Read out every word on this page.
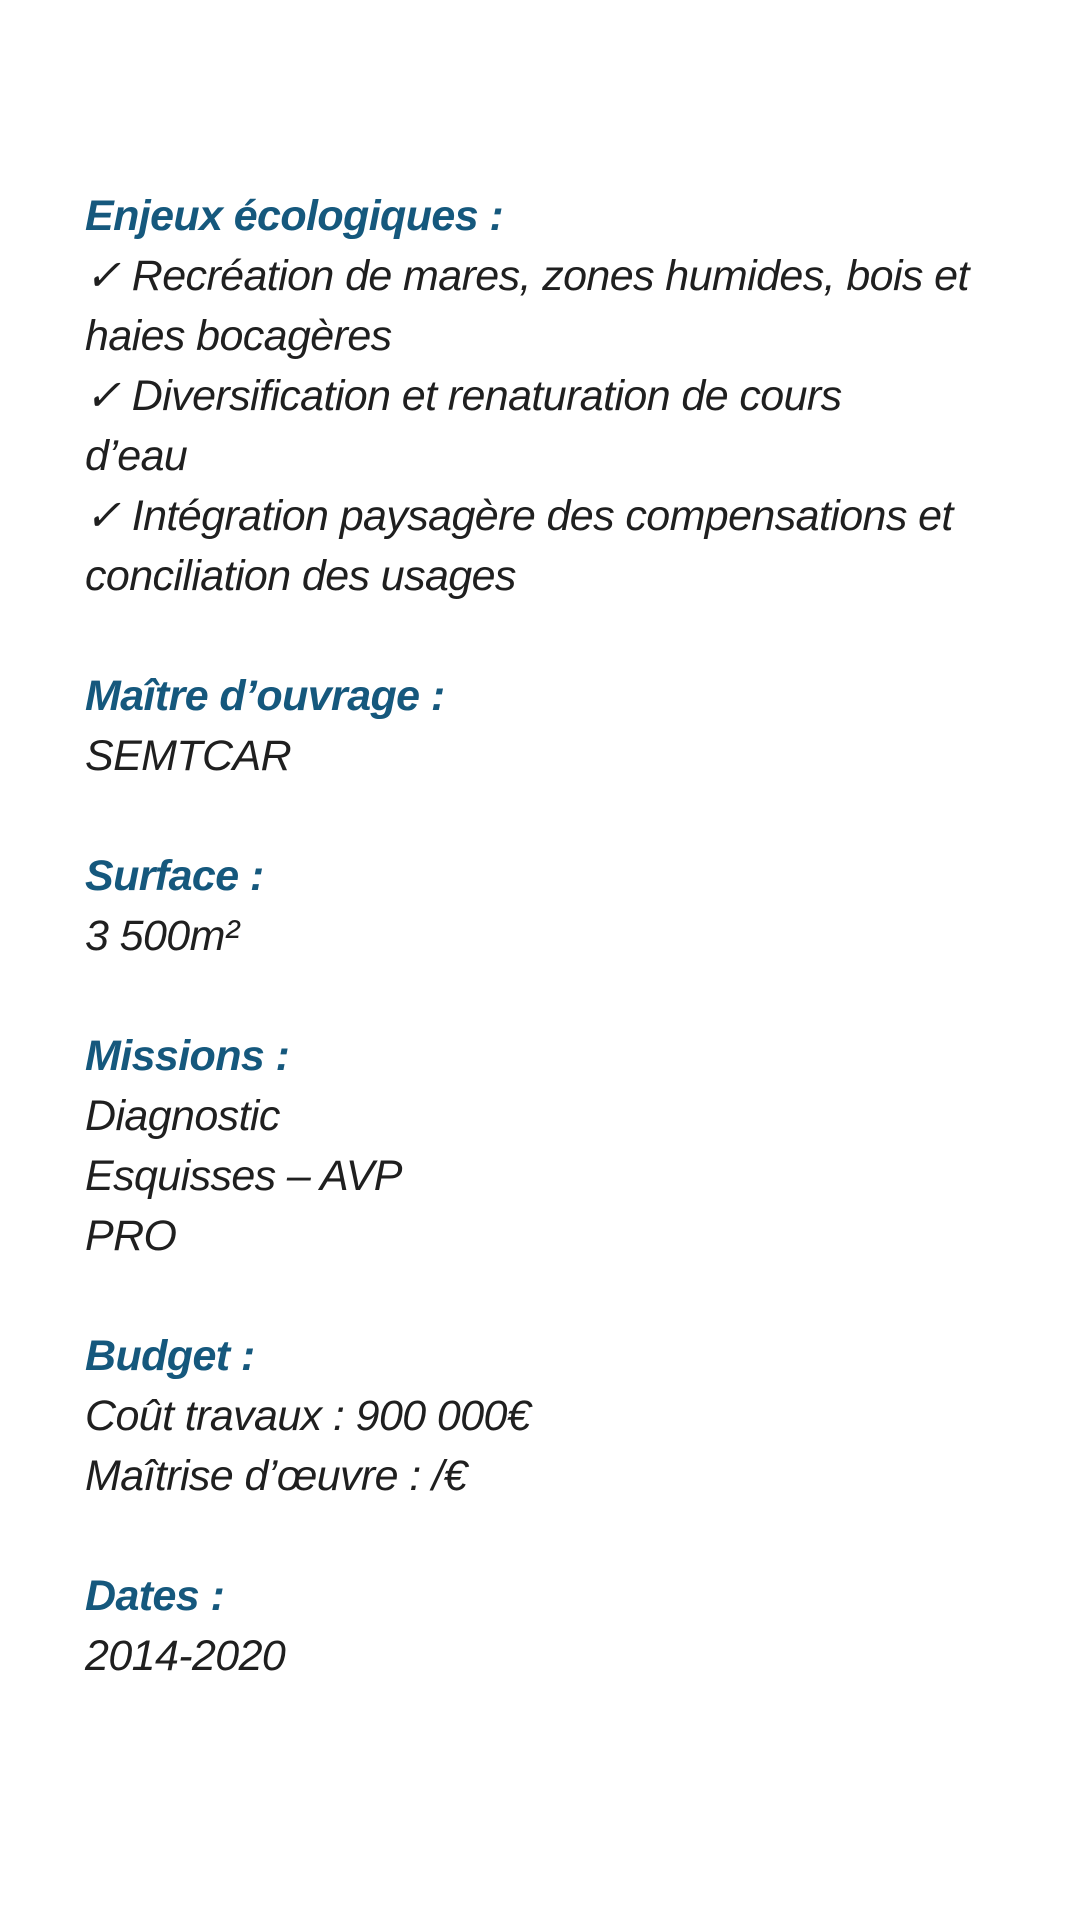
Enjeux écologiques :
✓ Recréation de mares, zones humides, bois et
haies bocagères
✓ Diversification et renaturation de cours
d’eau
✓ Intégration paysagère des compensations et
conciliation des usages
Maître d’ouvrage :
SEMTCAR
Surface :
3 500m²
Missions :
Diagnostic
Esquisses – AVP
PRO
Budget :
Coût travaux : 900 000€
Maîtrise d’œuvre : /€
Dates :
2014-2020
